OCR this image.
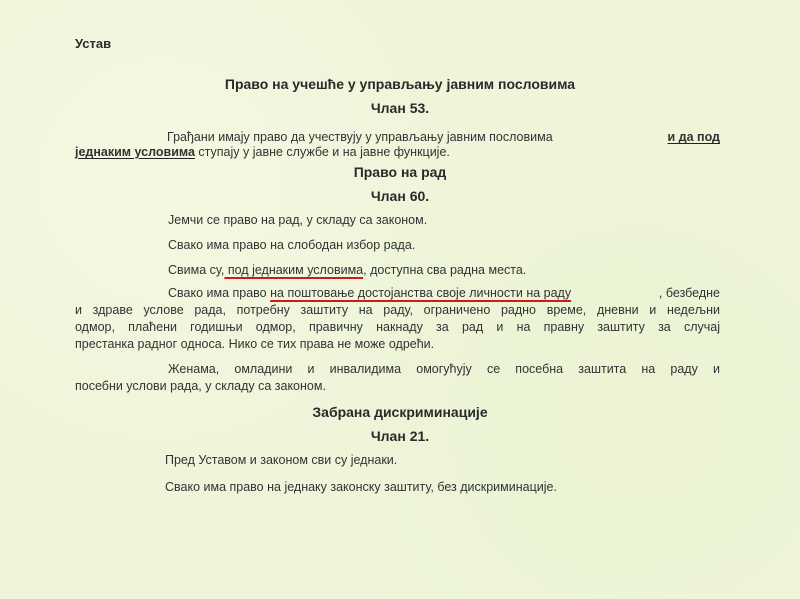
Устав
Право на учешће у управљању јавним пословима
Члан 53.
Грађани имају право да учествују у управљању јавним пословима	и да под
једнаким условима ступају у јавне службе и на јавне функције.
Право на рад
Члан 60.
Јемчи се право на рад, у складу са законом.
Свако има право на слободан избор рада.
Свима су, под једнаким условима, доступна сва радна места.
Свако има право на поштовање достојанства своје личности на раду	, безбедне
и здраве услове рада, потребну заштиту на раду, ограничено радно време, дневни и недељни
одмор, плаћени годишњи одмор, правичну накнаду за рад и на правну заштиту за случај
престанка радног односа. Нико се тих права не може одрећи.
Женама, омладини и инвалидима омогућују се посебна заштита на раду и
посебни услови рада, у складу са законом.
Забрана дискриминације
Члан 21.
Пред Уставом и законом сви су једнаки.
Свако има право на једнаку законску заштиту, без дискриминације.
